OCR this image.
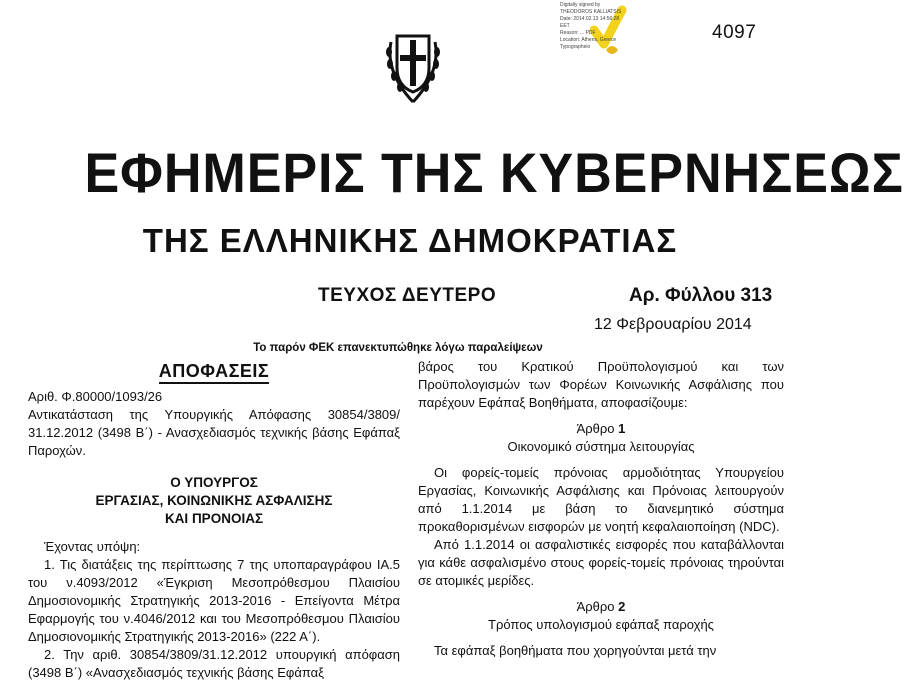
Digitally signed by
THEODOROS KALLIATSIS
Date: 2014.02.13 14:56:28
EET
Reason: ... PDF
Location: Athens, Greece
Typographeio
4097
ΕΦΗΜΕΡΙΣ ΤΗΣ ΚΥΒΕΡΝΗΣΕΩΣ
ΤΗΣ ΕΛΛΗΝΙΚΗΣ ΔΗΜΟΚΡΑΤΙΑΣ
ΤΕΥΧΟΣ ΔΕΥΤΕΡΟ	Αρ. Φύλλου 313
12 Φεβρουαρίου 2014
Το παρόν ΦΕΚ επανεκτυπώθηκε λόγω παραλείψεων
ΑΠΟΦΑΣΕΙΣ

Αριθ. Φ.80000/1093/26

Αντικατάσταση της Υπουργικής Απόφασης 30854/3809/ 31.12.2012 (3498 Β΄) - Ανασχεδιασμός τεχνικής βάσης Εφάπαξ Παροχών.

Ο ΥΠΟΥΡΓΟΣ
ΕΡΓΑΣΙΑΣ, ΚΟΙΝΩΝΙΚΗΣ ΑΣΦΑΛΙΣΗΣ
ΚΑΙ ΠΡΟΝΟΙΑΣ

Έχοντας υπόψη:

1. Τις διατάξεις της περίπτωσης 7 της υποπαραγράφου ΙΑ.5 του ν.4093/2012 «Έγκριση Μεσοπρόθεσμου Πλαισίου Δημοσιονομικής Στρατηγικής 2013-2016 - Επείγοντα Μέτρα Εφαρμογής του ν.4046/2012 και του Μεσοπρόθεσμου Πλαισίου Δημοσιονομικής Στρατηγικής 2013-2016» (222 Α΄).

2. Την αριθ. 30854/3809/31.12.2012 υπουργική απόφαση (3498 Β΄) «Ανασχεδιασμός τεχνικής βάσης Εφάπαξ

βάρος του Κρατικού Προϋπολογισμού και των Προϋπολογισμών των Φορέων Κοινωνικής Ασφάλισης που παρέχουν Εφάπαξ Βοηθήματα, αποφασίζουμε:

Άρθρο 1
Οικονομικό σύστημα λειτουργίας

Οι φορείς-τομείς πρόνοιας αρμοδιότητας Υπουργείου Εργασίας, Κοινωνικής Ασφάλισης και Πρόνοιας λειτουργούν από 1.1.2014 με βάση το διανεμητικό σύστημα προκαθορισμένων εισφορών με νοητή κεφαλαιοποίηση (NDC).

Από 1.1.2014 οι ασφαλιστικές εισφορές που καταβάλλονται για κάθε ασφαλισμένο στους φορείς-τομείς πρόνοιας τηρούνται σε ατομικές μερίδες.

Άρθρο 2
Τρόπος υπολογισμού εφάπαξ παροχής

Τα εφάπαξ βοηθήματα που χορηγούνται μετά την
